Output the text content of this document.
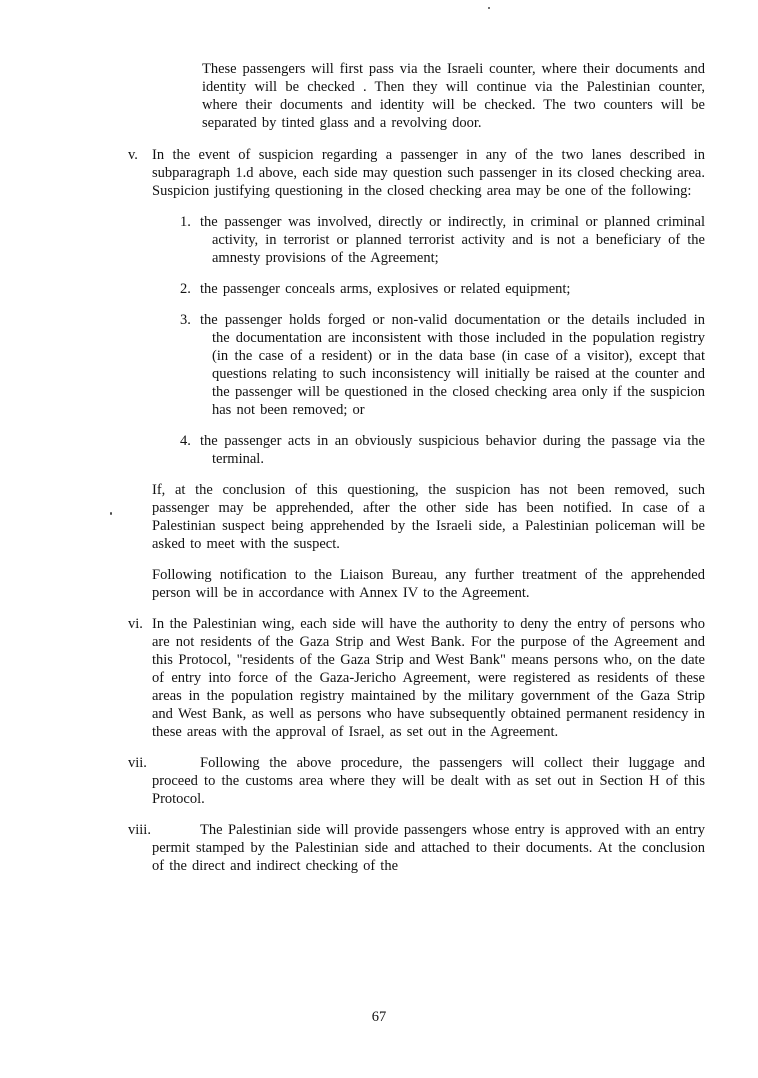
These passengers will first pass via the Israeli counter, where their documents and identity will be checked . Then they will continue via the Palestinian counter, where their documents and identity will be checked. The two counters will be separated by tinted glass and a revolving door.

v. In the event of suspicion regarding a passenger in any of the two lanes described in subparagraph 1.d above, each side may question such passenger in its closed checking area. Suspicion justifying questioning in the closed checking area may be one of the following:

1. the passenger was involved, directly or indirectly, in criminal or planned criminal activity, in terrorist or planned terrorist activity and is not a beneficiary of the amnesty provisions of the Agreement;

2. the passenger conceals arms, explosives or related equipment;

3. the passenger holds forged or non-valid documentation or the details included in the documentation are inconsistent with those included in the population registry (in the case of a resident) or in the data base (in case of a visitor), except that questions relating to such inconsistency will initially be raised at the counter and the passenger will be questioned in the closed checking area only if the suspicion has not been removed; or

4. the passenger acts in an obviously suspicious behavior during the passage via the terminal.

If, at the conclusion of this questioning, the suspicion has not been removed, such passenger may be apprehended, after the other side has been notified. In case of a Palestinian suspect being apprehended by the Israeli side, a Palestinian policeman will be asked to meet with the suspect.

Following notification to the Liaison Bureau, any further treatment of the apprehended person will be in accordance with Annex IV to the Agreement.

vi. In the Palestinian wing, each side will have the authority to deny the entry of persons who are not residents of the Gaza Strip and West Bank. For the purpose of the Agreement and this Protocol, "residents of the Gaza Strip and West Bank" means persons who, on the date of entry into force of the Gaza-Jericho Agreement, were registered as residents of these areas in the population registry maintained by the military government of the Gaza Strip and West Bank, as well as persons who have subsequently obtained permanent residency in these areas with the approval of Israel, as set out in the Agreement.

vii.	Following the above procedure, the passengers will collect their luggage and proceed to the customs area where they will be dealt with as set out in Section H of this Protocol.

viii.	The Palestinian side will provide passengers whose entry is approved with an entry permit stamped by the Palestinian side and attached to their documents. At the conclusion of the direct and indirect checking of the

67
